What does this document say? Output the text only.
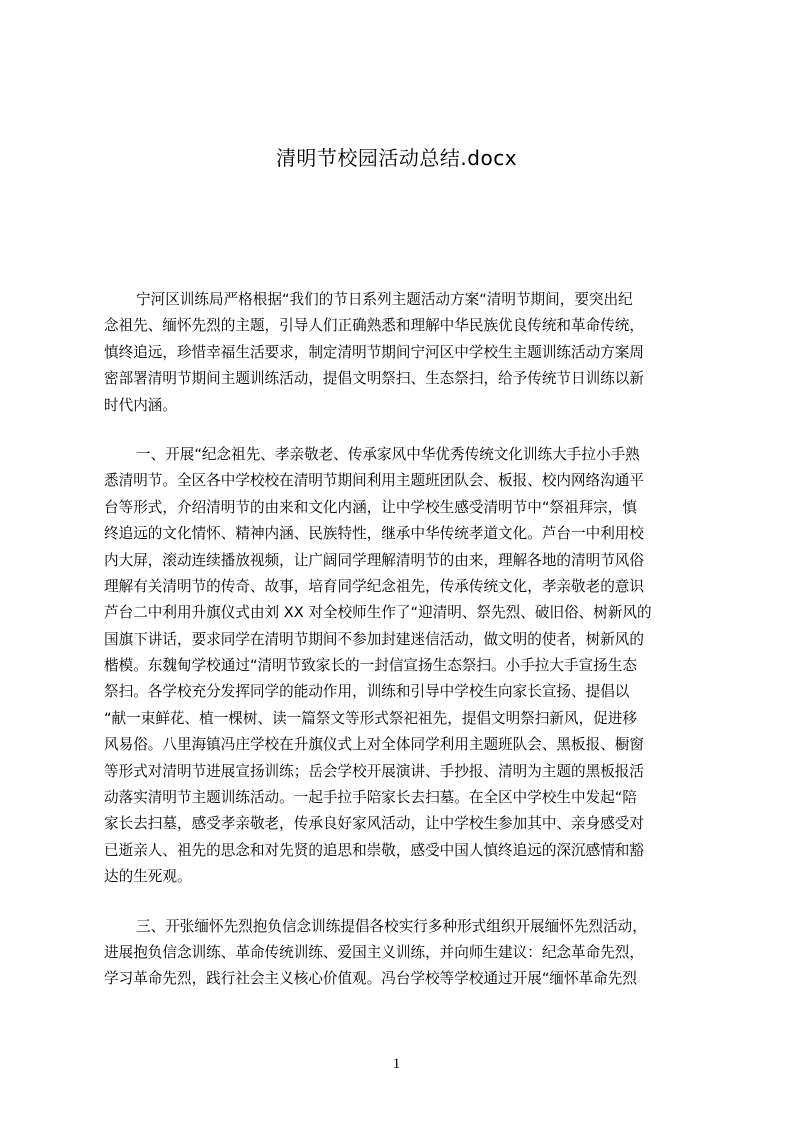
清明节校园活动总结.docx
宁河区训练局严格根据“我们的节日系列主题活动方案“清明节期间，要突出纪
念祖先、缅怀先烈的主题，引导人们正确熟悉和理解中华民族优良传统和革命传统，
慎终追远，珍惜幸福生活要求，制定清明节期间宁河区中学校生主题训练活动方案周
密部署清明节期间主题训练活动，提倡文明祭扫、生态祭扫，给予传统节日训练以新
时代内涵。
一、开展“纪念祖先、孝亲敬老、传承家风中华优秀传统文化训练大手拉小手熟
悉清明节。全区各中学校校在清明节期间利用主题班团队会、板报、校内网络沟通平
台等形式，介绍清明节的由来和文化内涵，让中学校生感受清明节中“祭祖拜宗，慎
终追远的文化情怀、精神内涵、民族特性，继承中华传统孝道文化。芦台一中利用校
内大屏，滚动连续播放视频，让广阔同学理解清明节的由来，理解各地的清明节风俗
理解有关清明节的传奇、故事，培育同学纪念祖先，传承传统文化，孝亲敬老的意识
芦台二中利用升旗仪式由刘 XX 对全校师生作了“迎清明、祭先烈、破旧俗、树新风的
国旗下讲话，要求同学在清明节期间不参加封建迷信活动，做文明的使者，树新风的
楷模。东魏甸学校通过“清明节致家长的一封信宣扬生态祭扫。小手拉大手宣扬生态
祭扫。各学校充分发挥同学的能动作用，训练和引导中学校生向家长宣扬、提倡以
“献一束鲜花、植一棵树、读一篇祭文等形式祭祀祖先，提倡文明祭扫新风，促进移
风易俗。八里海镇冯庄学校在升旗仪式上对全体同学利用主题班队会、黑板报、橱窗
等形式对清明节进展宣扬训练；岳会学校开展演讲、手抄报、清明为主题的黑板报活
动落实清明节主题训练活动。一起手拉手陪家长去扫墓。在全区中学校生中发起“陪
家长去扫墓，感受孝亲敬老，传承良好家风活动，让中学校生参加其中、亲身感受对
已逝亲人、祖先的思念和对先贤的追思和崇敬，感受中国人慎终追远的深沉感情和豁
达的生死观。
三、开张缅怀先烈抱负信念训练提倡各校实行多种形式组织开展缅怀先烈活动，
进展抱负信念训练、革命传统训练、爱国主义训练，并向师生建议：纪念革命先烈，
学习革命先烈，践行社会主义核心价值观。冯台学校等学校通过开展“缅怀革命先烈
1
